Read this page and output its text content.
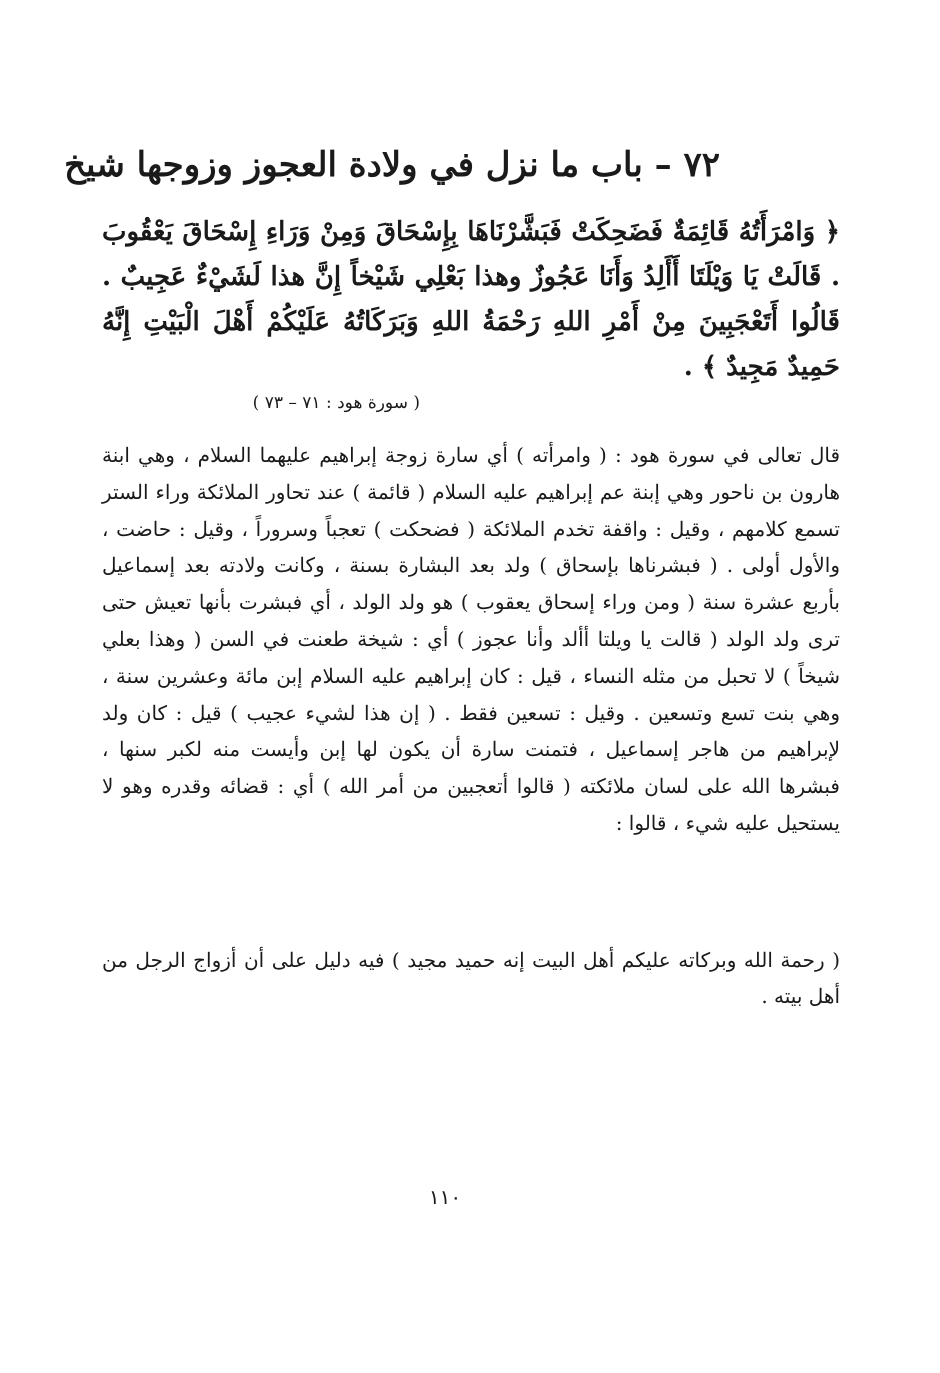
٧٢ – باب ما نزل في ولادة العجوز وزوجها شيخ
﴿ وَامْرَأَتُهُ قَائِمَةٌ فَضَحِكَتْ فَبَشَّرْنَاهَا بِإِسْحَاقَ وَمِنْ وَرَاءِ إِسْحَاقَ يَعْقُوبَ . قَالَتْ يَا وَيْلَتَا أَأَلِدُ وَأَنَا عَجُوزٌ وهذا بَعْلِي شَيْخاً إِنَّ هذا لَشَيْءٌ عَجِيبٌ . قَالُوا أَتَعْجَبِينَ مِنْ أَمْرِ اللهِ رَحْمَةُ اللهِ وَبَرَكَاتُهُ عَلَيْكُمْ أَهْلَ الْبَيْتِ إِنَّهُ حَمِيدٌ مَجِيدٌ ﴾ .
( سورة هود : ٧١ – ٧٣ )
قال تعالى في سورة هود : ( وامرأته ) أي سارة زوجة إبراهيم عليهما السلام ، وهي ابنة هارون بن ناحور وهي إبنة عم إبراهيم عليه السلام ( قائمة ) عند تحاور الملائكة وراء الستر تسمع كلامهم ، وقيل : واقفة تخدم الملائكة ( فضحكت ) تعجباً وسروراً ، وقيل : حاضت ، والأول أولى . ( فبشرناها بإسحاق ) ولد بعد البشارة بسنة ، وكانت ولادته بعد إسماعيل بأربع عشرة سنة ( ومن وراء إسحاق يعقوب ) هو ولد الولد ، أي فبشرت بأنها تعيش حتى ترى ولد الولد ( قالت يا ويلتا أألد وأنا عجوز ) أي : شيخة طعنت في السن ( وهذا بعلي شيخاً ) لا تحبل من مثله النساء ، قيل : كان إبراهيم عليه السلام إبن مائة وعشرين سنة ، وهي بنت تسع وتسعين . وقيل : تسعين فقط . ( إن هذا لشيء عجيب ) قيل : كان ولد لإبراهيم من هاجر إسماعيل ، فتمنت سارة أن يكون لها إبن وأيست منه لكبر سنها ، فبشرها الله على لسان ملائكته ( قالوا أتعجبين من أمر الله ) أي : قضائه وقدره وهو لا يستحيل عليه شيء ، قالوا :
( رحمة الله وبركاته عليكم أهل البيت إنه حميد مجيد ) فيه دليل على أن أزواج الرجل من أهل بيته .
١١٠
